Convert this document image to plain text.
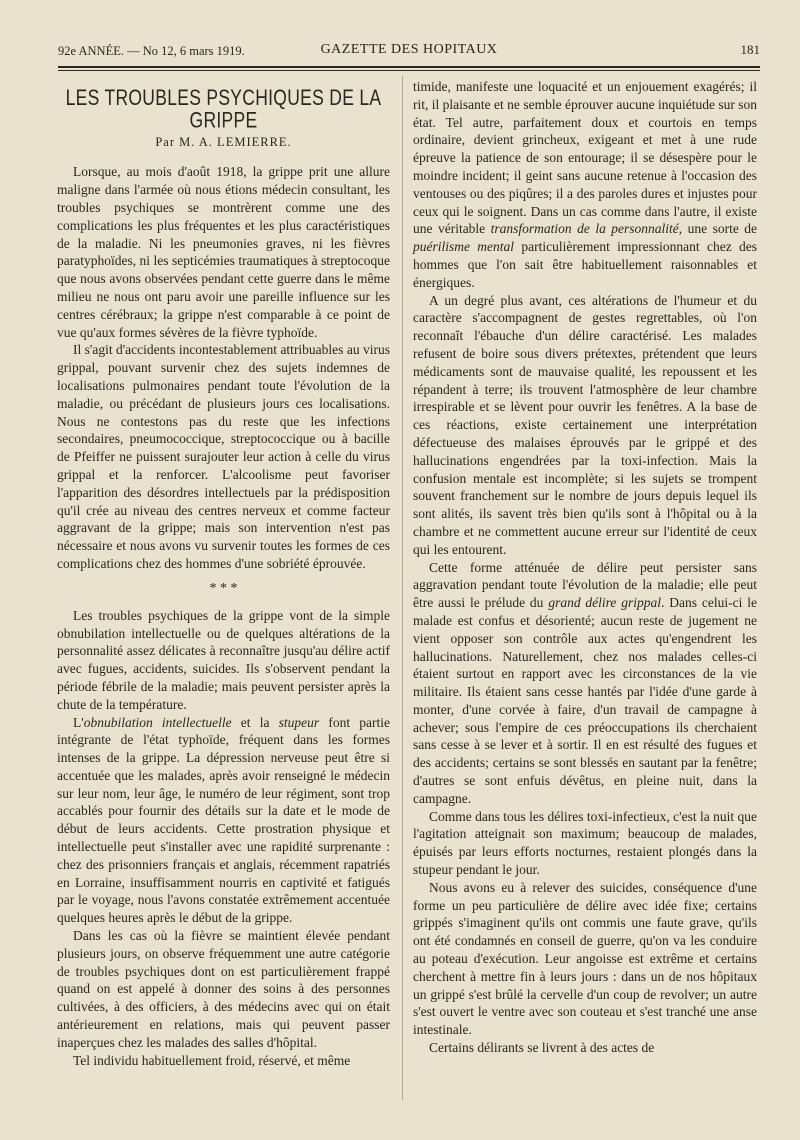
92e ANNÉE. — No 12, 6 mars 1919.	GAZETTE DES HOPITAUX	181
LES TROUBLES PSYCHIQUES DE LA GRIPPE
Par M. A. LEMIERRE.

Lorsque, au mois d'août 1918, la grippe prit une allure maligne dans l'armée où nous étions médecin consultant, les troubles psychiques se montrèrent comme une des complications les plus fréquentes et les plus caractéristiques de la maladie. Ni les pneumonies graves, ni les fièvres paratyphoïdes, ni les septicémies traumatiques à streptocoque que nous avons observées pendant cette guerre dans le même milieu ne nous ont paru avoir une pareille influence sur les centres cérébraux; la grippe n'est comparable à ce point de vue qu'aux formes sévères de la fièvre typhoïde.

Il s'agit d'accidents incontestablement attribuables au virus grippal, pouvant survenir chez des sujets indemnes de localisations pulmonaires pendant toute l'évolution de la maladie, ou précédant de plusieurs jours ces localisations. Nous ne contestons pas du reste que les infections secondaires, pneumococcique, streptococcique ou à bacille de Pfeiffer ne puissent surajouter leur action à celle du virus grippal et la renforcer. L'alcoolisme peut favoriser l'apparition des désordres intellectuels par la prédisposition qu'il crée au niveau des centres nerveux et comme facteur aggravant de la grippe; mais son intervention n'est pas nécessaire et nous avons vu survenir toutes les formes de ces complications chez des hommes d'une sobriété éprouvée.

* * *

Les troubles psychiques de la grippe vont de la simple obnubilation intellectuelle ou de quelques altérations de la personnalité assez délicates à reconnaître jusqu'au délire actif avec fugues, accidents, suicides. Ils s'observent pendant la période fébrile de la maladie; mais peuvent persister après la chute de la température.

L'obnubilation intellectuelle et la stupeur font partie intégrante de l'état typhoïde, fréquent dans les formes intenses de la grippe. La dépression nerveuse peut être si accentuée que les malades, après avoir renseigné le médecin sur leur nom, leur âge, le numéro de leur régiment, sont trop accablés pour fournir des détails sur la date et le mode de début de leurs accidents. Cette prostration physique et intellectuelle peut s'installer avec une rapidité surprenante : chez des prisonniers français et anglais, récemment rapatriés en Lorraine, insuffisamment nourris en captivité et fatigués par le voyage, nous l'avons constatée extrêmement accentuée quelques heures après le début de la grippe.

Dans les cas où la fièvre se maintient élevée pendant plusieurs jours, on observe fréquemment une autre catégorie de troubles psychiques dont on est particulièrement frappé quand on est appelé à donner des soins à des personnes cultivées, à des officiers, à des médecins avec qui on était antérieurement en relations, mais qui peuvent passer inaperçues chez les malades des salles d'hôpital.

Tel individu habituellement froid, réservé, et même

timide, manifeste une loquacité et un enjouement exagérés; il rit, il plaisante et ne semble éprouver aucune inquiétude sur son état. Tel autre, parfaitement doux et courtois en temps ordinaire, devient grincheux, exigeant et met à une rude épreuve la patience de son entourage; il se désespère pour le moindre incident; il geint sans aucune retenue à l'occasion des ventouses ou des piqûres; il a des paroles dures et injustes pour ceux qui le soignent. Dans un cas comme dans l'autre, il existe une véritable transformation de la personnalité, une sorte de puérilisme mental particulièrement impressionnant chez des hommes que l'on sait être habituellement raisonnables et énergiques.

A un degré plus avant, ces altérations de l'humeur et du caractère s'accompagnent de gestes regrettables, où l'on reconnaît l'ébauche d'un délire caractérisé. Les malades refusent de boire sous divers prétextes, prétendent que leurs médicaments sont de mauvaise qualité, les repoussent et les répandent à terre; ils trouvent l'atmosphère de leur chambre irrespirable et se lèvent pour ouvrir les fenêtres. A la base de ces réactions, existe certainement une interprétation défectueuse des malaises éprouvés par le grippé et des hallucinations engendrées par la toxi-infection. Mais la confusion mentale est incomplète; si les sujets se trompent souvent franchement sur le nombre de jours depuis lequel ils sont alités, ils savent très bien qu'ils sont à l'hôpital ou à la chambre et ne commettent aucune erreur sur l'identité de ceux qui les entourent.

Cette forme atténuée de délire peut persister sans aggravation pendant toute l'évolution de la maladie; elle peut être aussi le prélude du grand délire grippal. Dans celui-ci le malade est confus et désorienté; aucun reste de jugement ne vient opposer son contrôle aux actes qu'engendrent les hallucinations. Naturellement, chez nos malades celles-ci étaient surtout en rapport avec les circonstances de la vie militaire. Ils étaient sans cesse hantés par l'idée d'une garde à monter, d'une corvée à faire, d'un travail de campagne à achever; sous l'empire de ces préoccupations ils cherchaient sans cesse à se lever et à sortir. Il en est résulté des fugues et des accidents; certains se sont blessés en sautant par la fenêtre; d'autres se sont enfuis dévêtus, en pleine nuit, dans la campagne.

Comme dans tous les délires toxi-infectieux, c'est la nuit que l'agitation atteignait son maximum; beaucoup de malades, épuisés par leurs efforts nocturnes, restaient plongés dans la stupeur pendant le jour.

Nous avons eu à relever des suicides, conséquence d'une forme un peu particulière de délire avec idée fixe; certains grippés s'imaginent qu'ils ont commis une faute grave, qu'ils ont été condamnés en conseil de guerre, qu'on va les conduire au poteau d'exécution. Leur angoisse est extrême et certains cherchent à mettre fin à leurs jours : dans un de nos hôpitaux un grippé s'est brûlé la cervelle d'un coup de revolver; un autre s'est ouvert le ventre avec son couteau et s'est tranché une anse intestinale.

Certains délirants se livrent à des actes de
